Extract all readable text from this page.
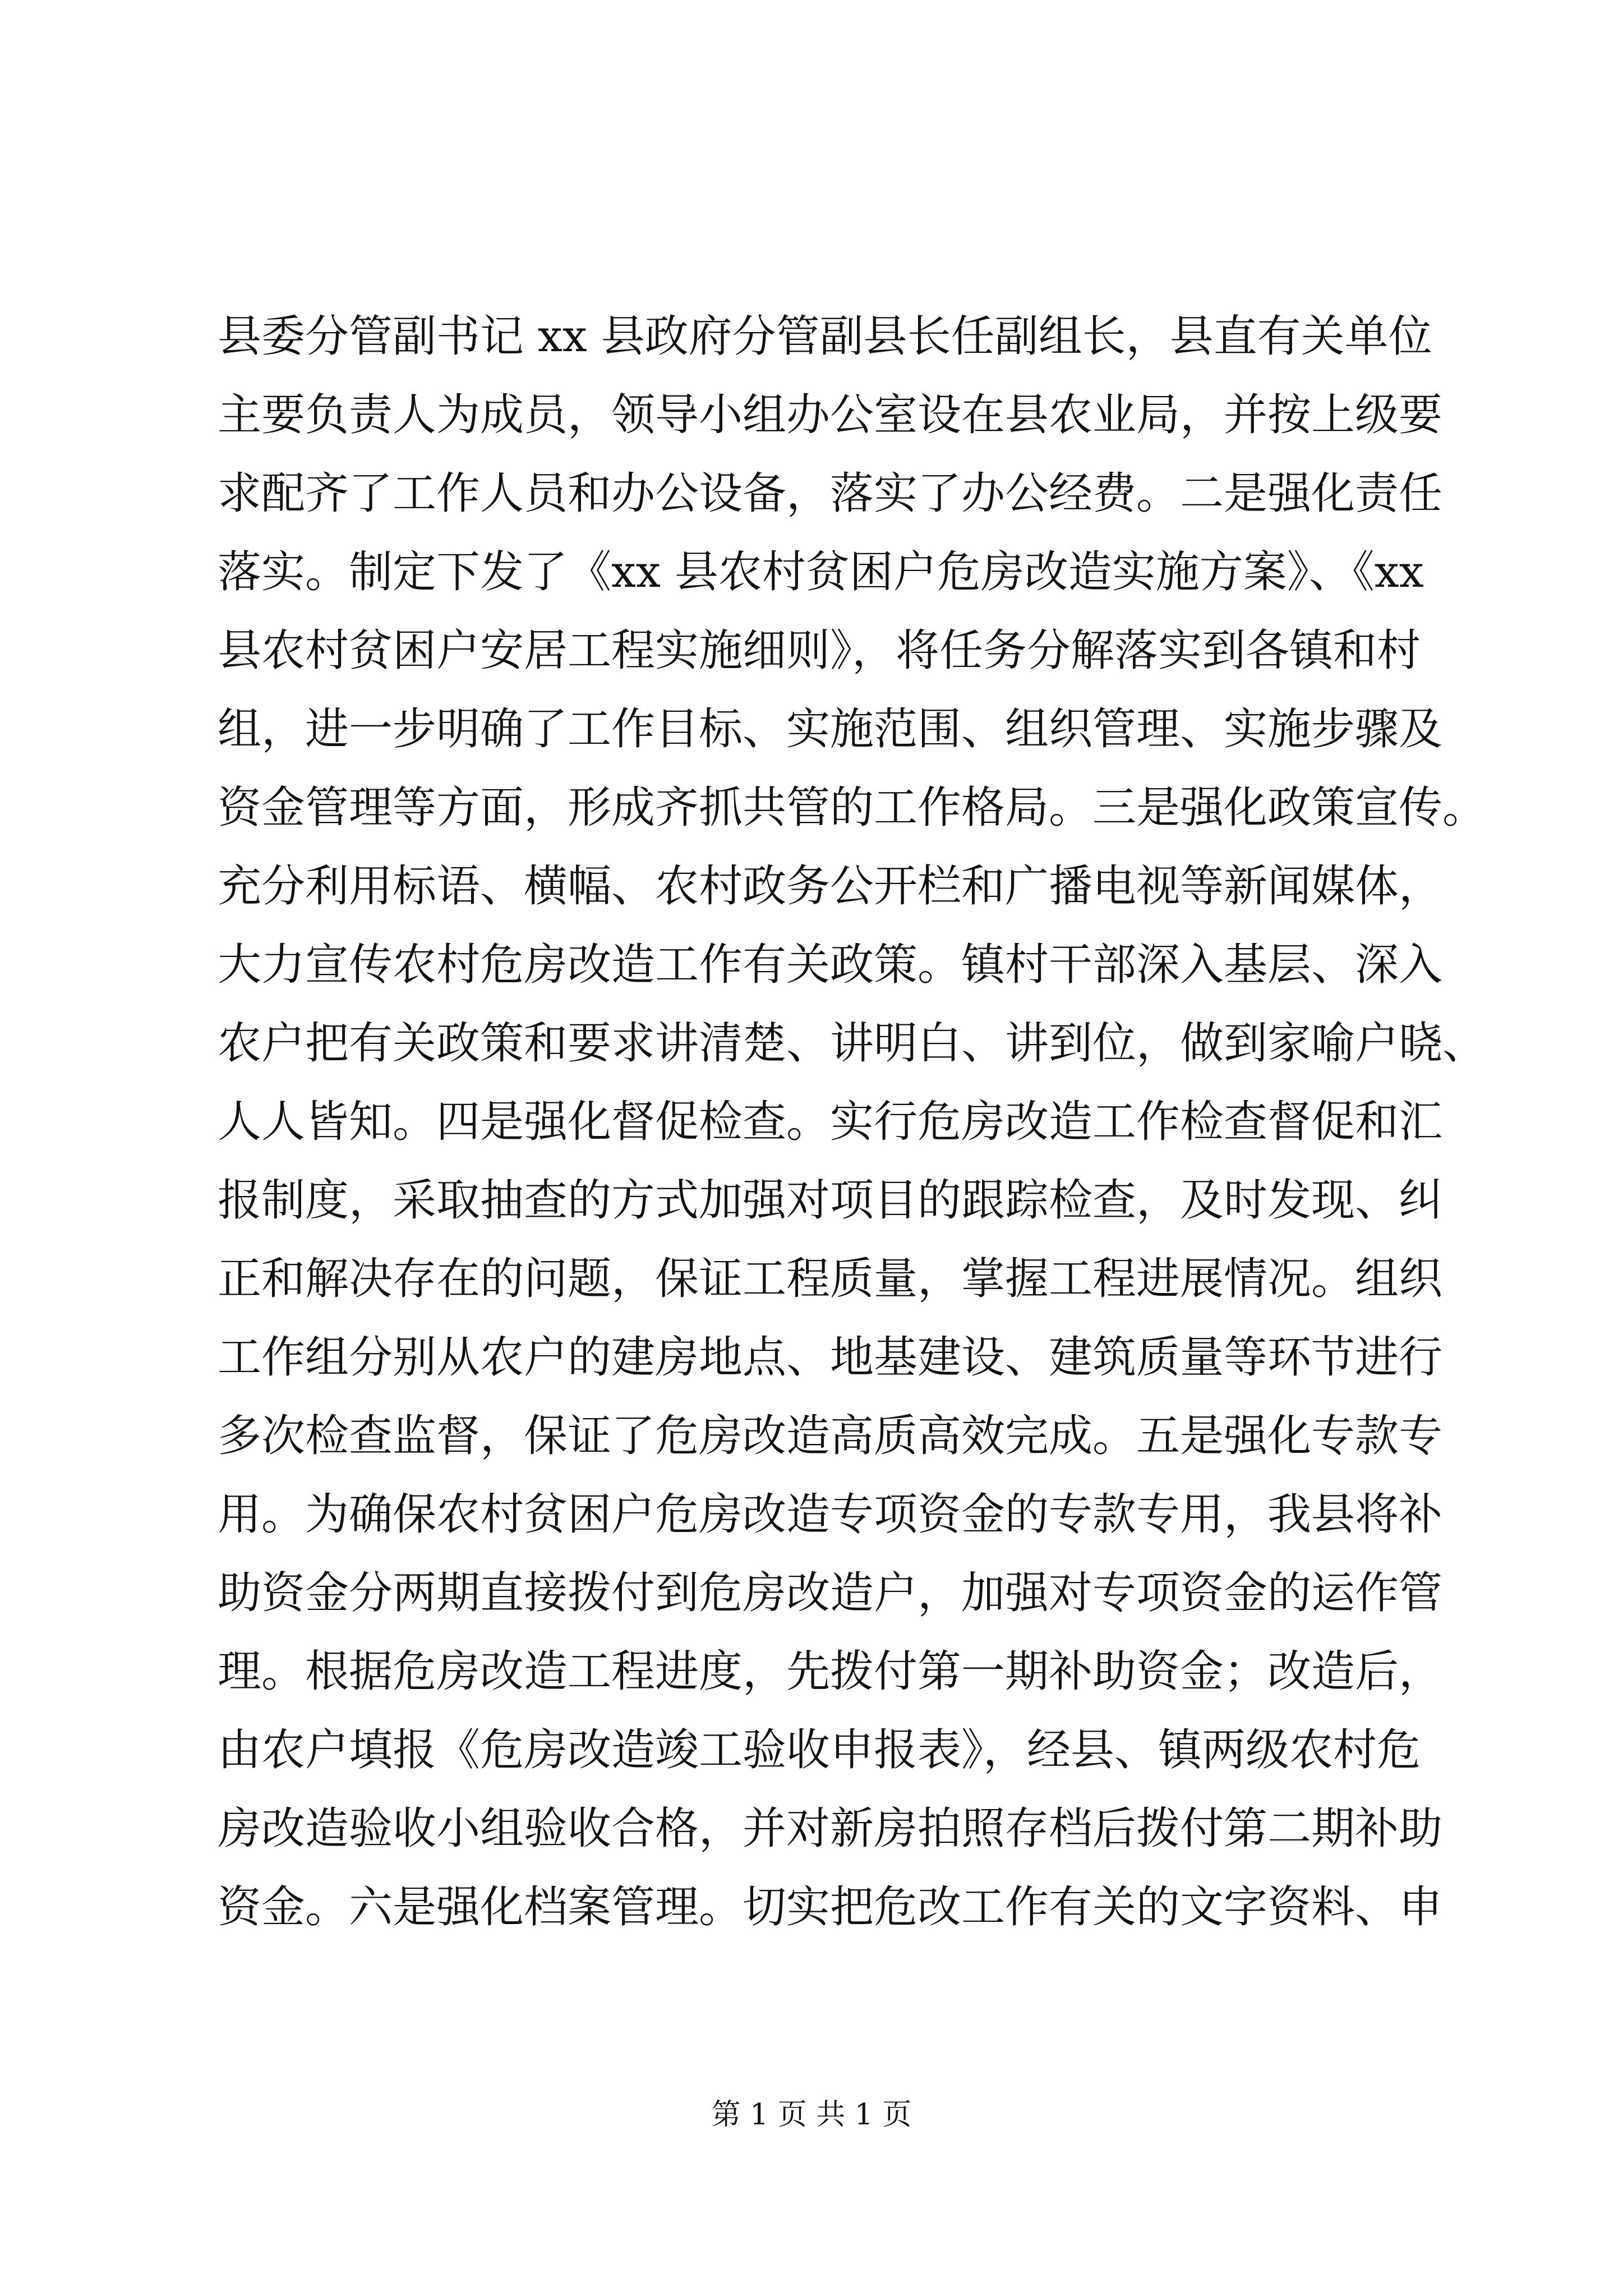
县委分管副书记 xx 县政府分管副县长任副组长，县直有关单位
主要负责人为成员，领导小组办公室设在县农业局，并按上级要
求配齐了工作人员和办公设备，落实了办公经费。二是强化责任
落实。制定下发了《xx 县农村贫困户危房改造实施方案》、《xx
县农村贫困户安居工程实施细则》，将任务分解落实到各镇和村
组，进一步明确了工作目标、实施范围、组织管理、实施步骤及
资金管理等方面，形成齐抓共管的工作格局。三是强化政策宣传。
充分利用标语、横幅、农村政务公开栏和广播电视等新闻媒体，
大力宣传农村危房改造工作有关政策。镇村干部深入基层、深入
农户把有关政策和要求讲清楚、讲明白、讲到位，做到家喻户晓、
人人皆知。四是强化督促检查。实行危房改造工作检查督促和汇
报制度，采取抽查的方式加强对项目的跟踪检查，及时发现、纠
正和解决存在的问题，保证工程质量，掌握工程进展情况。组织
工作组分别从农户的建房地点、地基建设、建筑质量等环节进行
多次检查监督，保证了危房改造高质高效完成。五是强化专款专
用。为确保农村贫困户危房改造专项资金的专款专用，我县将补
助资金分两期直接拨付到危房改造户，加强对专项资金的运作管
理。根据危房改造工程进度，先拨付第一期补助资金；改造后，
由农户填报《危房改造竣工验收申报表》，经县、镇两级农村危
房改造验收小组验收合格，并对新房拍照存档后拨付第二期补助
资金。六是强化档案管理。切实把危改工作有关的文字资料、申
第 1 页 共 1 页
